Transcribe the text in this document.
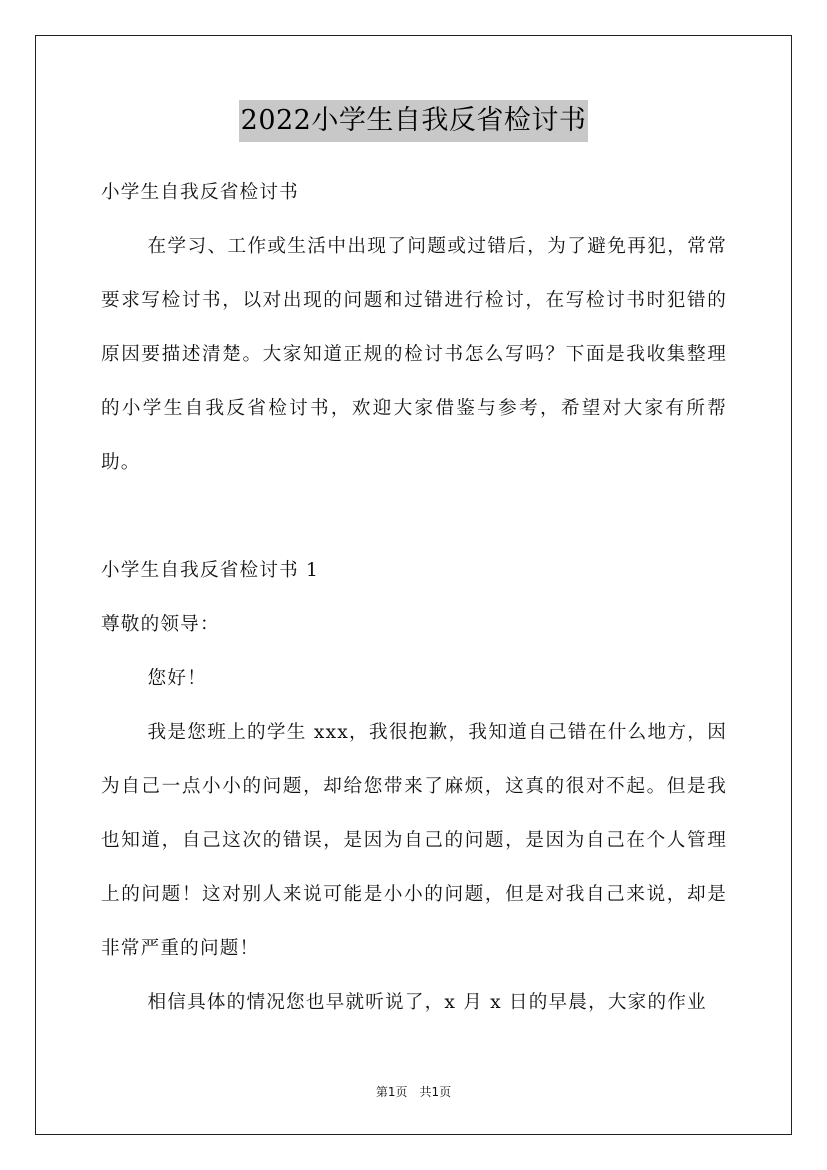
2022小学生自我反省检讨书

小学生自我反省检讨书

在学习、工作或生活中出现了问题或过错后，为了避免再犯，常常要求写检讨书，以对出现的问题和过错进行检讨，在写检讨书时犯错的原因要描述清楚。大家知道正规的检讨书怎么写吗？下面是我收集整理的小学生自我反省检讨书，欢迎大家借鉴与参考，希望对大家有所帮助。

小学生自我反省检讨书 1

尊敬的领导：

您好！

我是您班上的学生 xxx，我很抱歉，我知道自己错在什么地方，因为自己一点小小的问题，却给您带来了麻烦，这真的很对不起。但是我也知道，自己这次的错误，是因为自己的问题，是因为自己在个人管理上的问题！这对别人来说可能是小小的问题，但是对我自己来说，却是非常严重的问题！

相信具体的情况您也早就听说了，x 月 x 日的早晨，大家的作业

第1页　共1页
